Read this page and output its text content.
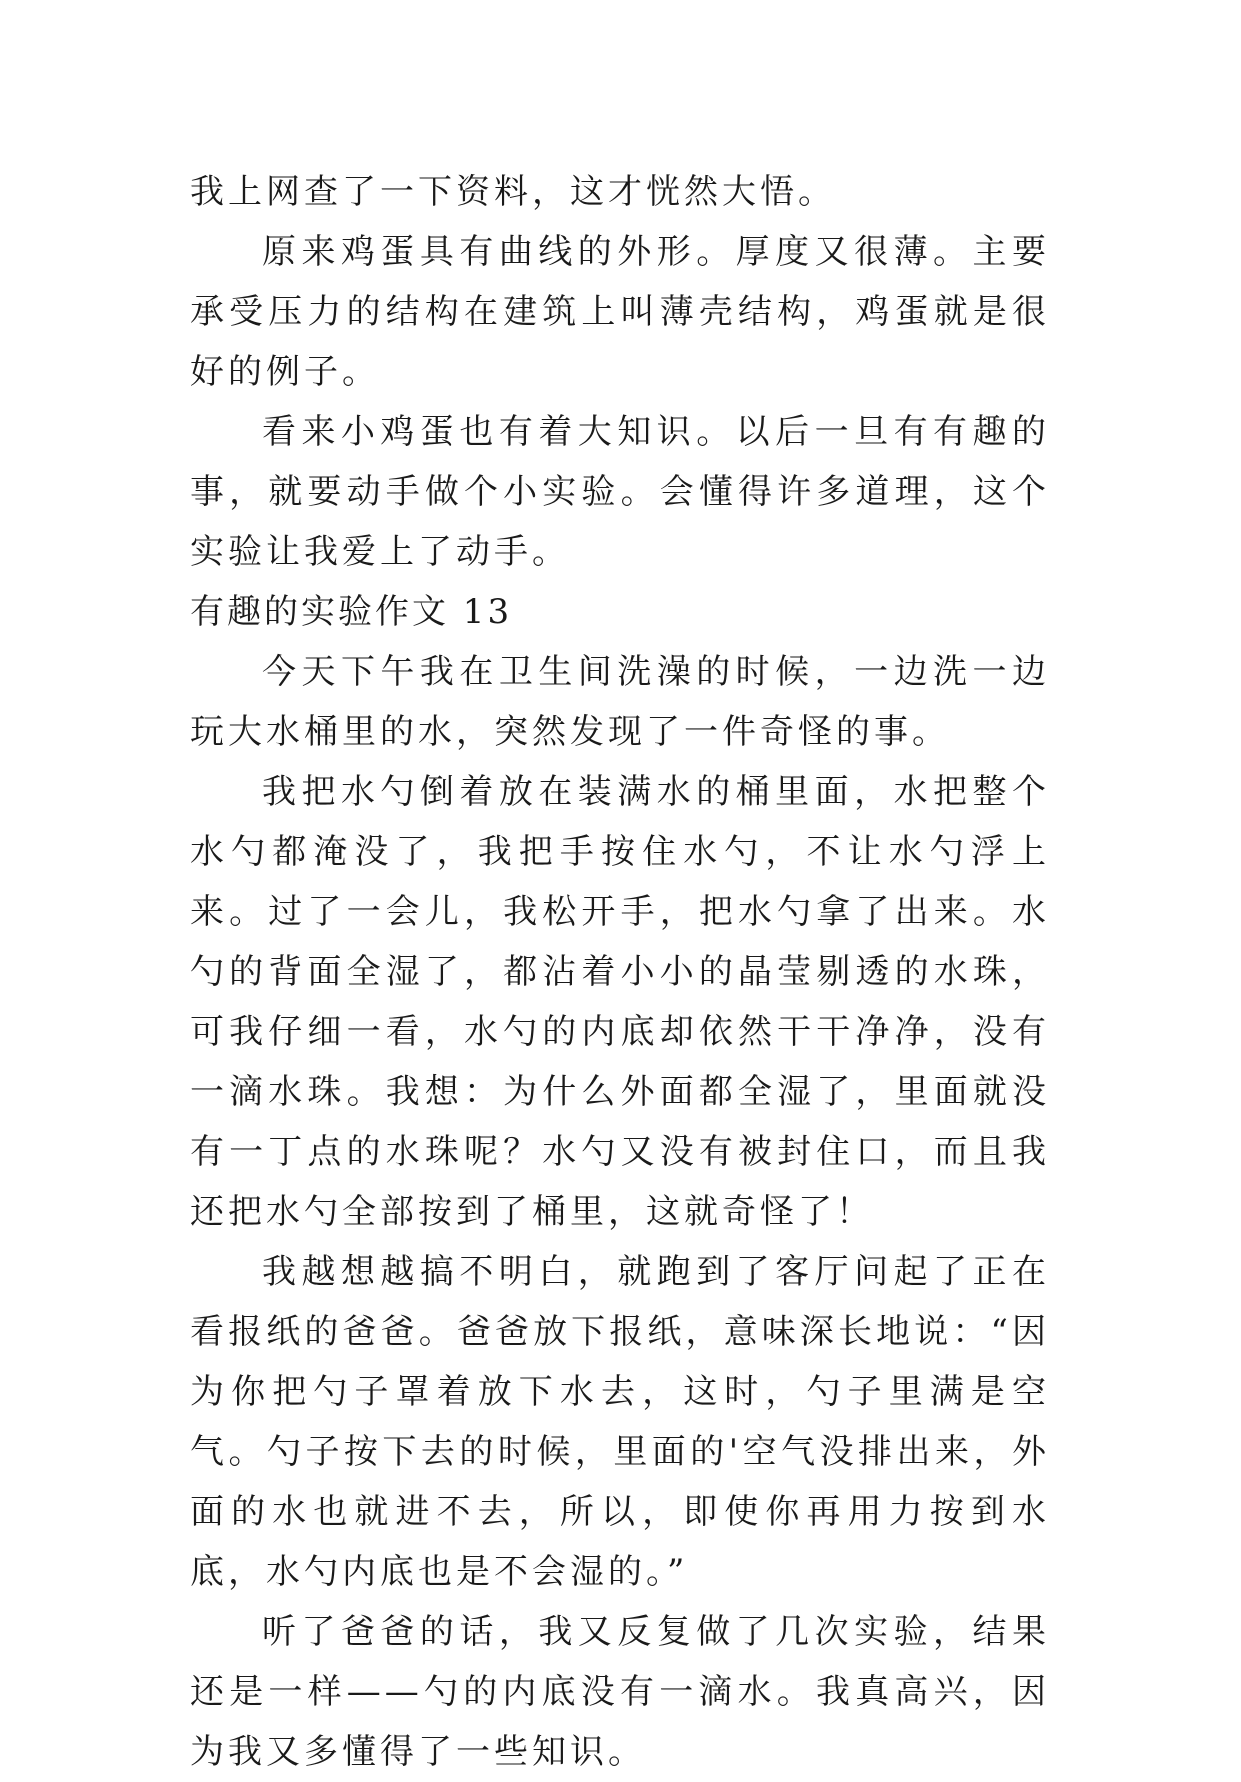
我上网查了一下资料，这才恍然大悟。

原来鸡蛋具有曲线的外形。厚度又很薄。主要承受压力的结构在建筑上叫薄壳结构，鸡蛋就是很好的例子。

看来小鸡蛋也有着大知识。以后一旦有有趣的事，就要动手做个小实验。会懂得许多道理，这个实验让我爱上了动手。

有趣的实验作文 13

今天下午我在卫生间洗澡的时候，一边洗一边玩大水桶里的水，突然发现了一件奇怪的事。

我把水勺倒着放在装满水的桶里面，水把整个水勺都淹没了，我把手按住水勺，不让水勺浮上来。过了一会儿，我松开手，把水勺拿了出来。水勺的背面全湿了，都沾着小小的晶莹剔透的水珠，可我仔细一看，水勺的内底却依然干干净净，没有一滴水珠。我想：为什么外面都全湿了，里面就没有一丁点的水珠呢？水勺又没有被封住口，而且我还把水勺全部按到了桶里，这就奇怪了！

我越想越搞不明白，就跑到了客厅问起了正在看报纸的爸爸。爸爸放下报纸，意味深长地说：“因为你把勺子罩着放下水去，这时，勺子里满是空气。勺子按下去的时候，里面的'空气没排出来，外面的水也就进不去，所以，即使你再用力按到水底，水勺内底也是不会湿的。”

听了爸爸的话，我又反复做了几次实验，结果还是一样——勺的内底没有一滴水。我真高兴，因为我又多懂得了一些知识。
